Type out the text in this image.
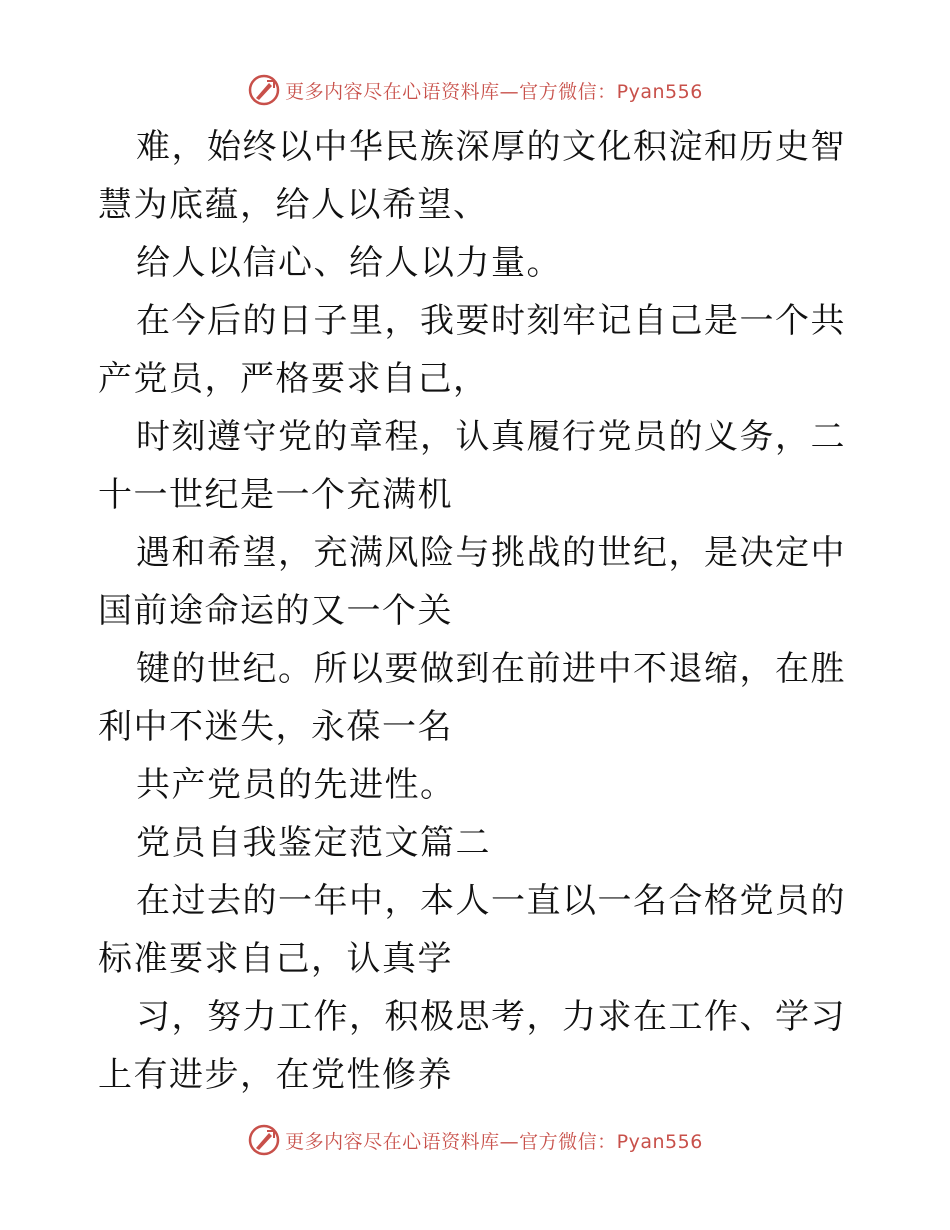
更多内容尽在心语资料库—官方微信：Pyan556

难，始终以中华民族深厚的文化积淀和历史智慧为底蕴，给人以希望、

给人以信心、给人以力量。

在今后的日子里，我要时刻牢记自己是一个共产党员，严格要求自己，

时刻遵守党的章程，认真履行党员的义务，二十一世纪是一个充满机

遇和希望，充满风险与挑战的世纪，是决定中国前途命运的又一个关

键的世纪。所以要做到在前进中不退缩，在胜利中不迷失，永葆一名

共产党员的先进性。

党员自我鉴定范文篇二

在过去的一年中，本人一直以一名合格党员的标准要求自己，认真学

习，努力工作，积极思考，力求在工作、学习上有进步，在党性修养

更多内容尽在心语资料库—官方微信：Pyan556
